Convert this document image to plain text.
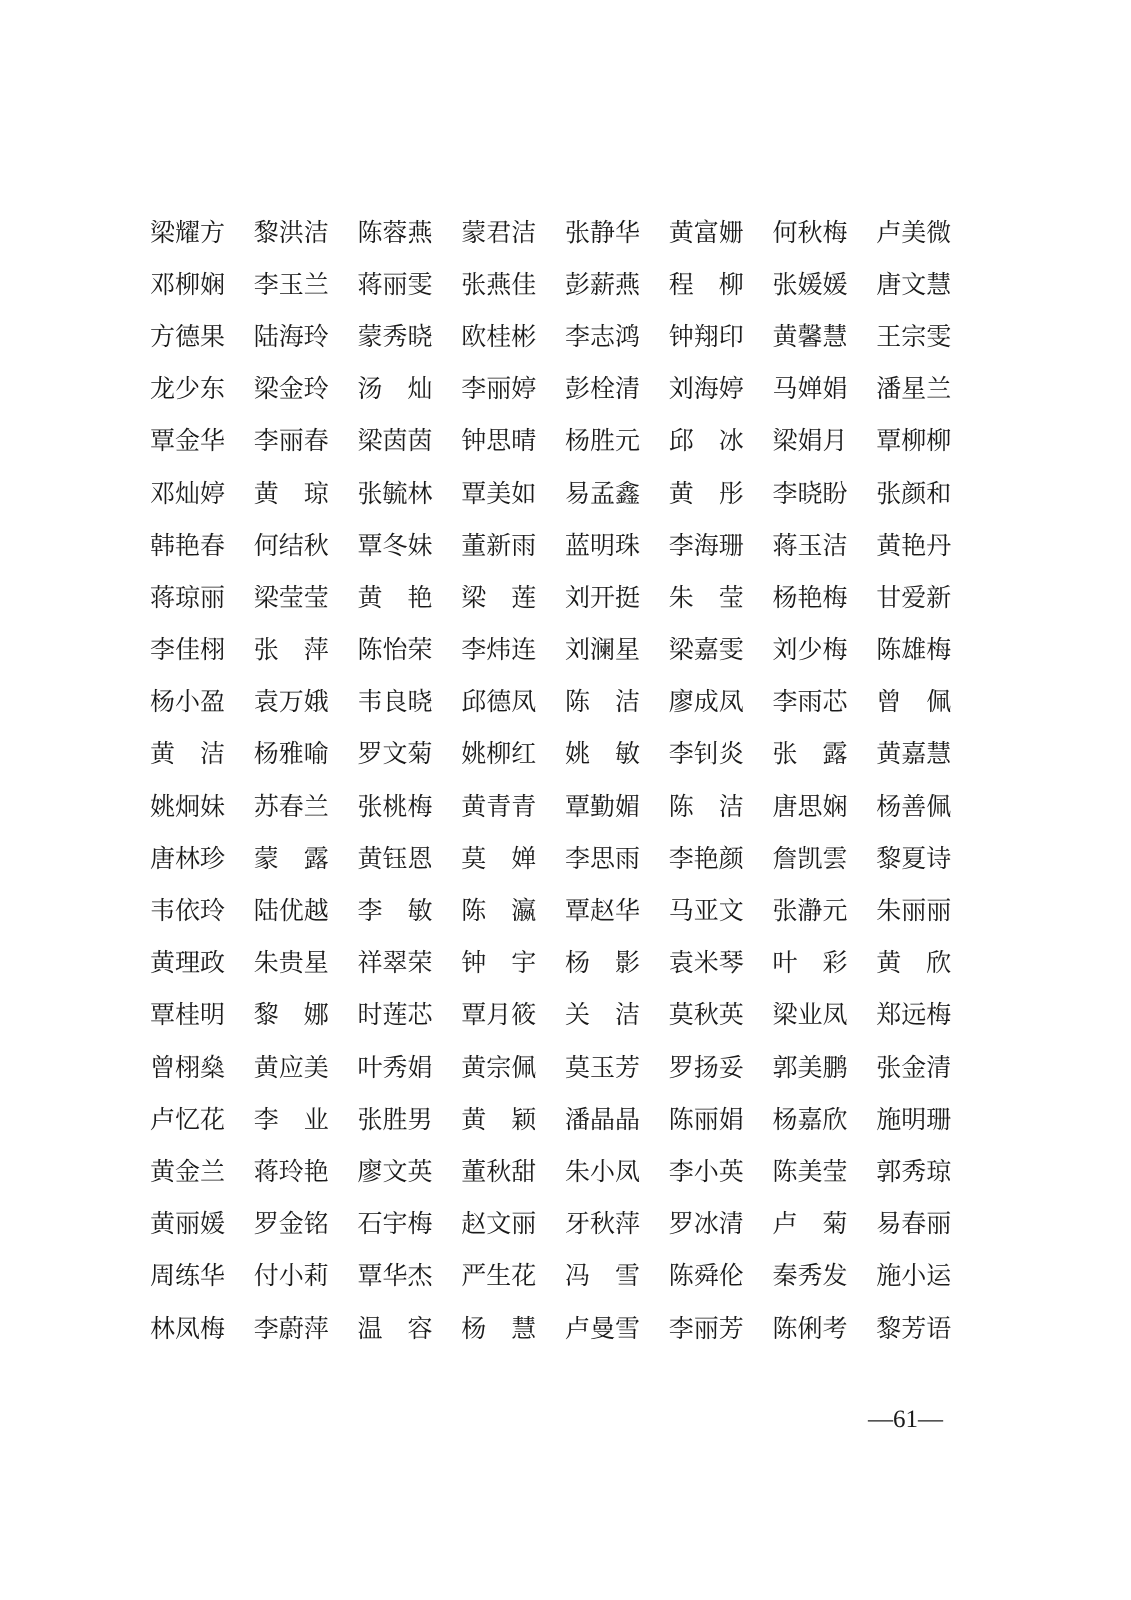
梁耀方	黎洪洁	陈蓉燕	蒙君洁	张静华	黄富姗	何秋梅	卢美微
邓柳娴	李玉兰	蒋丽雯	张燕佳	彭薪燕	程　柳	张媛媛	唐文慧
方德果	陆海玲	蒙秀晓	欧桂彬	李志鸿	钟翔印	黄馨慧	王宗雯
龙少东	梁金玲	汤　灿	李丽婷	彭栓清	刘海婷	马婵娟	潘星兰
覃金华	李丽春	梁茵茵	钟思晴	杨胜元	邱　冰	梁娟月	覃柳柳
邓灿婷	黄　琼	张毓林	覃美如	易孟鑫	黄　彤	李晓盼	张颜和
韩艳春	何结秋	覃冬妹	董新雨	蓝明珠	李海珊	蒋玉洁	黄艳丹
蒋琼丽	梁莹莹	黄　艳	梁　莲	刘开挺	朱　莹	杨艳梅	甘爱新
李佳栩	张　萍	陈怡荣	李炜连	刘澜星	梁嘉雯	刘少梅	陈雄梅
杨小盈	袁万娥	韦良晓	邱德凤	陈　洁	廖成凤	李雨芯	曾　佩
黄　洁	杨雅喻	罗文菊	姚柳红	姚　敏	李钊炎	张　露	黄嘉慧
姚炯妹	苏春兰	张桃梅	黄青青	覃勤媚	陈　洁	唐思娴	杨善佩
唐林珍	蒙　露	黄钰恩	莫　婵	李思雨	李艳颜	詹凯雲	黎夏诗
韦依玲	陆优越	李　敏	陈　瀛	覃赵华	马亚文	张瀞元	朱丽丽
黄理政	朱贵星	祥翠荣	钟　宇	杨　影	袁米琴	叶　彩	黄　欣
覃桂明	黎　娜	时莲芯	覃月筱	关　洁	莫秋英	梁业凤	郑远梅
曾栩燊	黄应美	叶秀娟	黄宗佩	莫玉芳	罗扬妥	郭美鹏	张金清
卢忆花	李　业	张胜男	黄　颖	潘晶晶	陈丽娟	杨嘉欣	施明珊
黄金兰	蒋玲艳	廖文英	董秋甜	朱小凤	李小英	陈美莹	郭秀琼
黄丽媛	罗金铭	石宇梅	赵文丽	牙秋萍	罗冰清	卢　菊	易春丽
周练华	付小莉	覃华杰	严生花	冯　雪	陈舜伦	秦秀发	施小运
林凤梅	李蔚萍	温　容	杨　慧	卢曼雪	李丽芳	陈俐考	黎芳语
—61—
